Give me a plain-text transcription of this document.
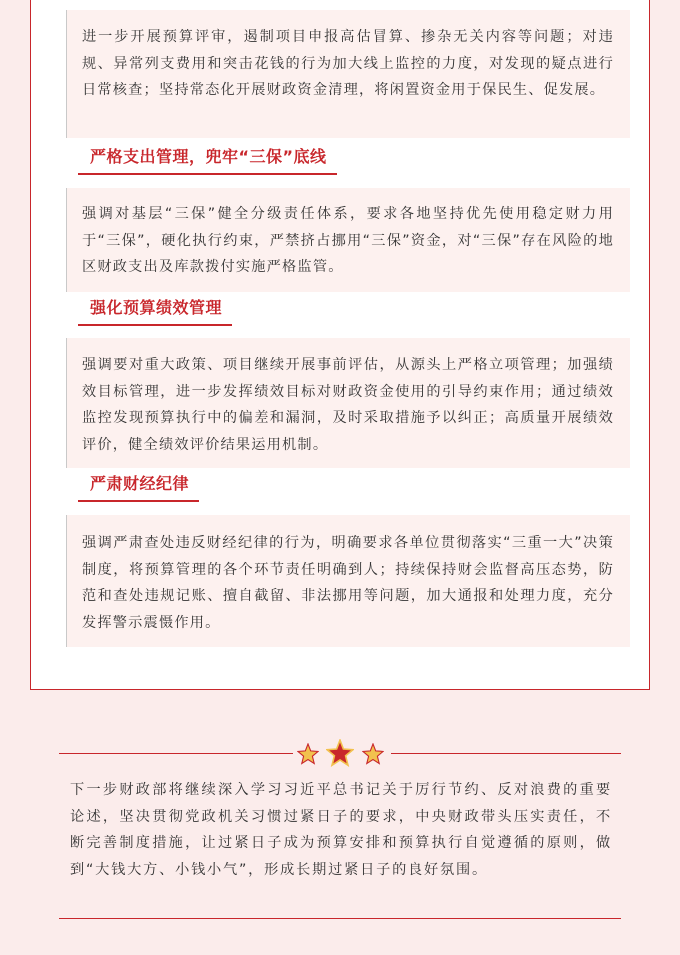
进一步开展预算评审，遏制项目申报高估冒算、掺杂无关内容等问题；对违规、异常列支费用和突击花钱的行为加大线上监控的力度，对发现的疑点进行日常核查；坚持常态化开展财政资金清理，将闲置资金用于保民生、促发展。

严格支出管理，兜牢“三保”底线

强调对基层“三保”健全分级责任体系，要求各地坚持优先使用稳定财力用于“三保”，硬化执行约束，严禁挤占挪用“三保”资金，对“三保”存在风险的地区财政支出及库款拨付实施严格监管。

强化预算绩效管理

强调要对重大政策、项目继续开展事前评估，从源头上严格立项管理；加强绩效目标管理，进一步发挥绩效目标对财政资金使用的引导约束作用；通过绩效监控发现预算执行中的偏差和漏洞，及时采取措施予以纠正；高质量开展绩效评价，健全绩效评价结果运用机制。

严肃财经纪律

强调严肃查处违反财经纪律的行为，明确要求各单位贯彻落实“三重一大”决策制度，将预算管理的各个环节责任明确到人；持续保持财会监督高压态势，防范和查处违规记账、擅自截留、非法挪用等问题，加大通报和处理力度，充分发挥警示震慑作用。

下一步财政部将继续深入学习习近平总书记关于厉行节约、反对浪费的重要论述，坚决贯彻党政机关习惯过紧日子的要求，中央财政带头压实责任，不断完善制度措施，让过紧日子成为预算安排和预算执行自觉遵循的原则，做到“大钱大方、小钱小气”，形成长期过紧日子的良好氛围。
